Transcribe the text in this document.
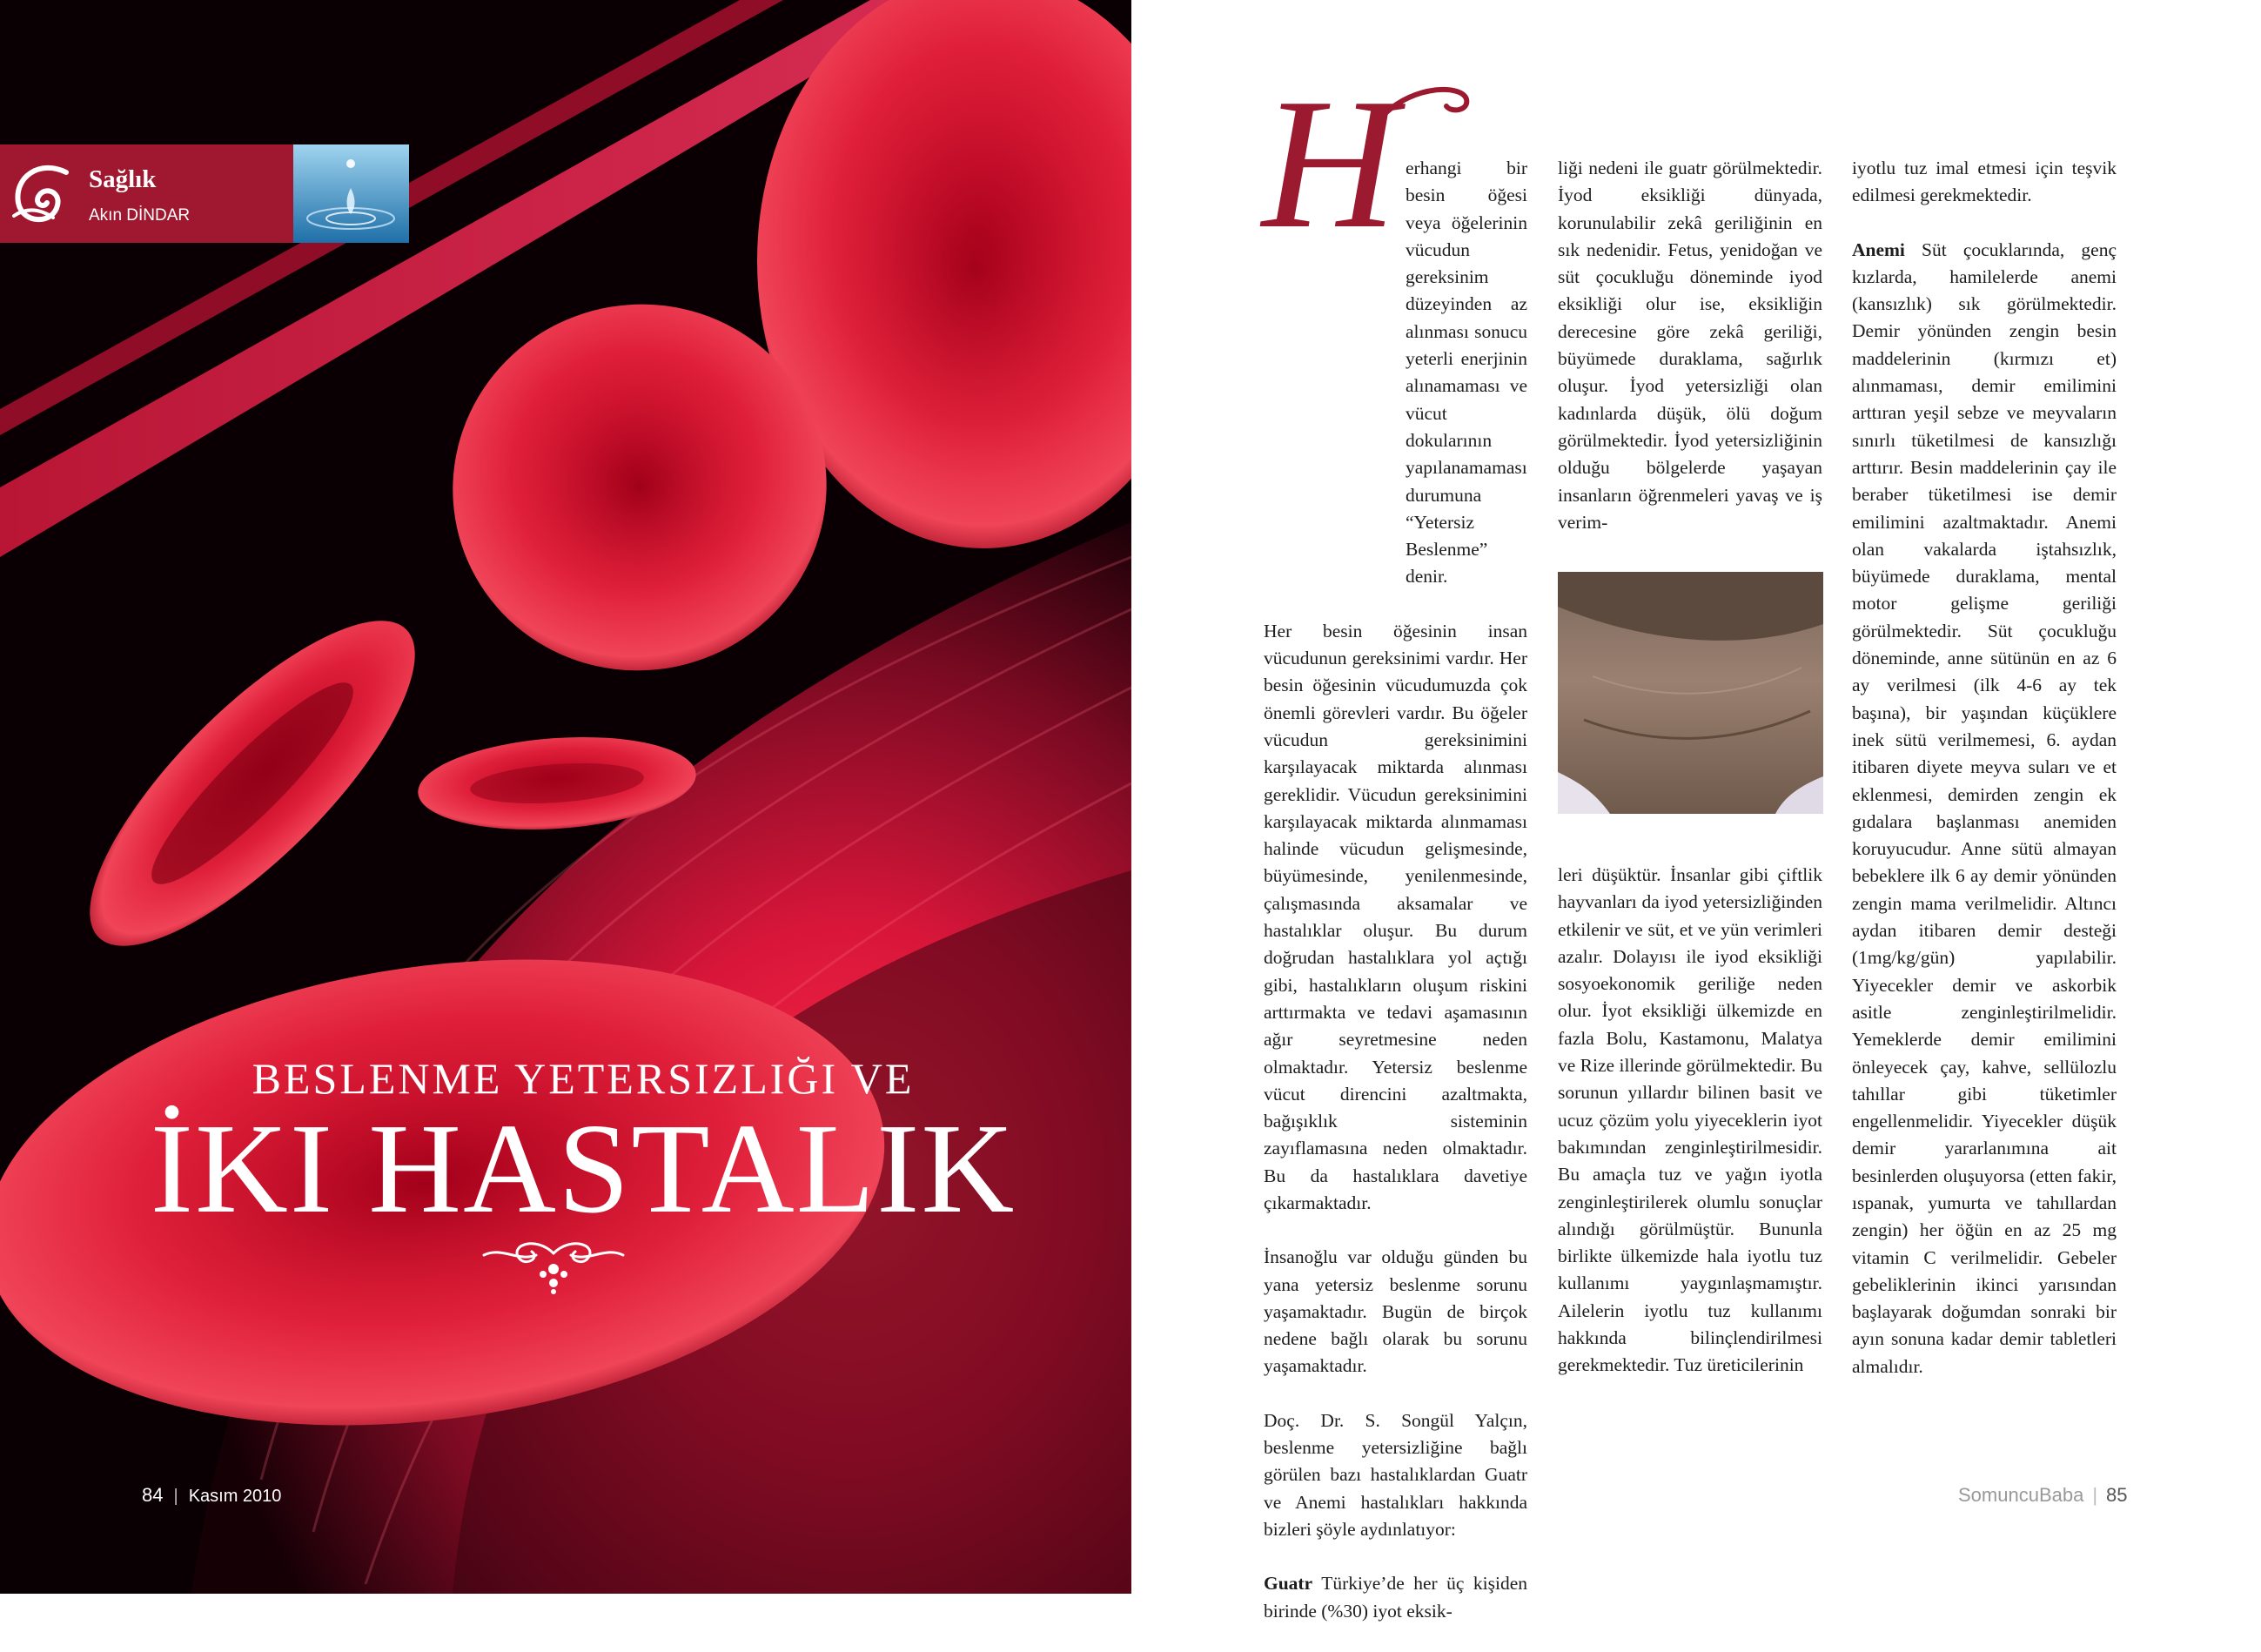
Sağlık
Akın DİNDAR
BESLENME YETERSIZLIĞI VE
İKI HASTALIK
84 | Kasım 2010
H erhangi bir besin öğesi veya öğelerinin vücudun gereksinim düzeyinden az alınması sonucu yeterli enerjinin alınamaması ve vücut dokularının yapılanamaması durumuna “Yetersiz Beslenme” denir.

Her besin öğesinin insan vücudunun gereksinimi vardır. Her besin öğesinin vücudumuzda çok önemli görevleri vardır. Bu öğeler vücudun gereksinimini karşılayacak miktarda alınması gereklidir. Vücudun gereksinimini karşılayacak miktarda alınmaması halinde vücudun gelişmesinde, büyümesinde, yenilenmesinde, çalışmasında aksamalar ve hastalıklar oluşur. Bu durum doğrudan hastalıklara yol açtığı gibi, hastalıkların oluşum riskini arttırmakta ve tedavi aşamasının ağır seyretmesine neden olmaktadır. Yetersiz beslenme vücut direncini azaltmakta, bağışıklık sisteminin zayıflamasına neden olmaktadır. Bu da hastalıklara davetiye çıkarmaktadır.

İnsanoğlu var olduğu günden bu yana yetersiz beslenme sorunu yaşamaktadır. Bugün de birçok nedene bağlı olarak bu sorunu yaşamaktadır.

Doç. Dr. S. Songül Yalçın, beslenme yetersizliğine bağlı görülen bazı hastalıklardan Guatr ve Anemi hastalıkları hakkında bizleri şöyle aydınlatıyor:

Guatr Türkiye’de her üç kişiden birinde (%30) iyot eksik-

liği nedeni ile guatr görülmektedir. İyod eksikliği dünyada, korunulabilir zekâ geriliğinin en sık nedenidir. Fetus, yenidoğan ve süt çocukluğu döneminde iyod eksikliği olur ise, eksikliğin derecesine göre zekâ geriliği, büyümede duraklama, sağırlık oluşur. İyod yetersizliği olan kadınlarda düşük, ölü doğum görülmektedir. İyod yetersizliğinin olduğu bölgelerde yaşayan insanların öğrenmeleri yavaş ve iş verim-

leri düşüktür. İnsanlar gibi çiftlik hayvanları da iyod yetersizliğinden etkilenir ve süt, et ve yün verimleri azalır. Dolayısı ile iyod eksikliği sosyoekonomik geriliğe neden olur. İyot eksikliği ülkemizde en fazla Bolu, Kastamonu, Malatya ve Rize illerinde görülmektedir. Bu sorunun yıllardır bilinen basit ve ucuz çözüm yolu yiyeceklerin iyot bakımından zenginleştirilmesidir. Bu amaçla tuz ve yağın iyotla zenginleştirilerek olumlu sonuçlar alındığı görülmüştür. Bununla birlikte ülkemizde hala iyotlu tuz kullanımı yaygınlaşmamıştır. Ailelerin iyotlu tuz kullanımı hakkında bilinçlendirilmesi gerekmektedir. Tuz üreticilerinin

iyotlu tuz imal etmesi için teşvik edilmesi gerekmektedir.

Anemi Süt çocuklarında, genç kızlarda, hamilelerde anemi (kansızlık) sık görülmektedir. Demir yönünden zengin besin maddelerinin (kırmızı et) alınmaması, demir emilimini arttıran yeşil sebze ve meyvaların sınırlı tüketilmesi de kansızlığı arttırır. Besin maddelerinin çay ile beraber tüketilmesi ise demir emilimini azaltmaktadır. Anemi olan vakalarda iştahsızlık, büyümede duraklama, mental motor gelişme geriliği görülmektedir. Süt çocukluğu döneminde, anne sütünün en az 6 ay verilmesi (ilk 4-6 ay tek başına), bir yaşından küçüklere inek sütü verilmemesi, 6. aydan itibaren diyete meyva suları ve et eklenmesi, demirden zengin ek gıdalara başlanması anemiden koruyucudur. Anne sütü almayan bebeklere ilk 6 ay demir yönünden zengin mama verilmelidir. Altıncı aydan itibaren demir desteği (1mg/kg/gün) yapılabilir. Yiyecekler demir ve askorbik asitle zenginleştirilmelidir. Yemeklerde demir emilimini önleyecek çay, kahve, sellülozlu tahıllar gibi tüketimler engellenmelidir. Yiyecekler düşük demir yararlanımına ait besinlerden oluşuyorsa (etten fakir, ıspanak, yumurta ve tahıllardan zengin) her öğün en az 25 mg vitamin C verilmelidir. Gebeler gebeliklerinin ikinci yarısından başlayarak doğumdan sonraki bir ayın sonuna kadar demir tabletleri almalıdır.

SomuncuBaba | 85
